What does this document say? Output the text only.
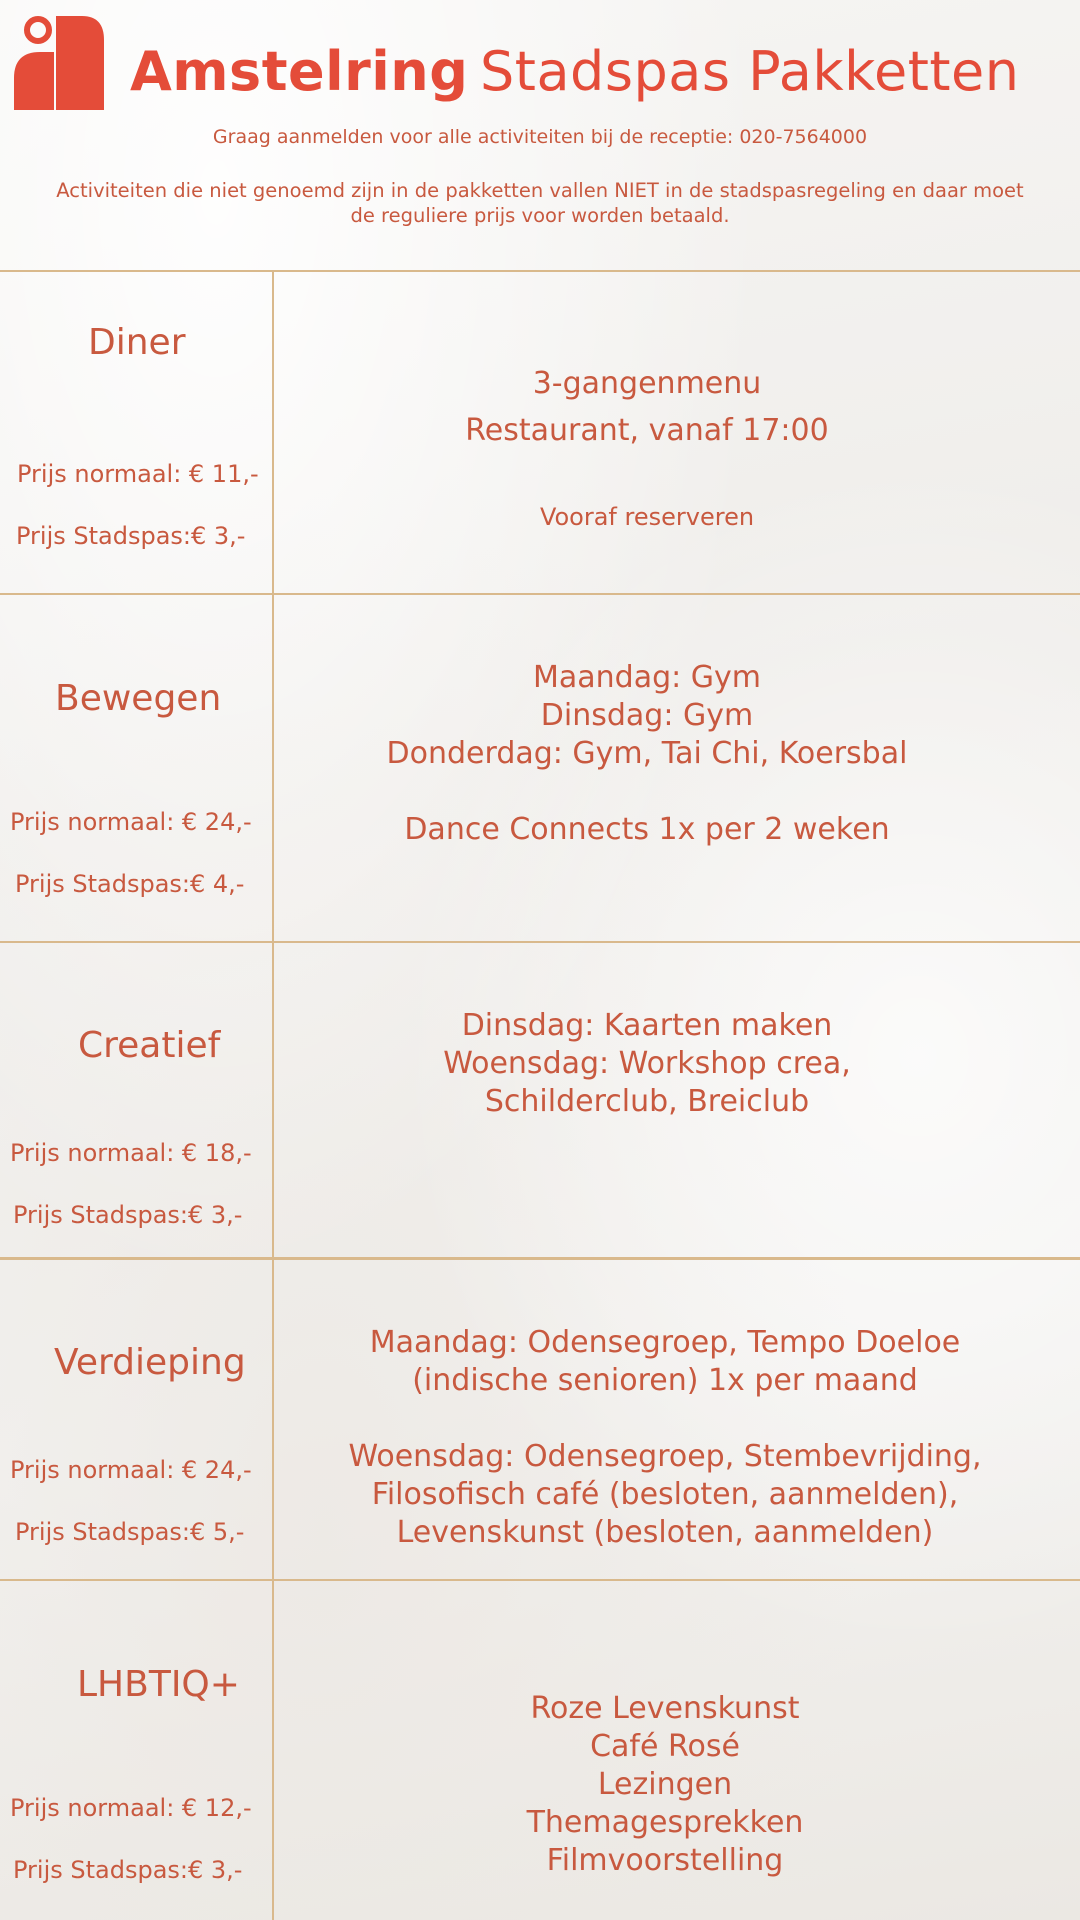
Amstelring Stadspas Pakketten
Graag aanmelden voor alle activiteiten bij de receptie: 020-7564000
Activiteiten die niet genoemd zijn in de pakketten vallen NIET in de stadspasregeling en daar moet
de reguliere prijs voor worden betaald.
Diner
Prijs normaal: € 11,-
Prijs Stadspas:€ 3,-
3-gangenmenu
Restaurant, vanaf 17:00
Vooraf reserveren
Bewegen
Prijs normaal: € 24,-
Prijs Stadspas:€ 4,-
Maandag: Gym
Dinsdag: Gym
Donderdag: Gym, Tai Chi, Koersbal
Dance Connects 1x per 2 weken
Creatief
Prijs normaal: € 18,-
Prijs Stadspas:€ 3,-
Dinsdag: Kaarten maken
Woensdag: Workshop crea,
Schilderclub, Breiclub
Verdieping
Prijs normaal: € 24,-
Prijs Stadspas:€ 5,-
Maandag: Odensegroep, Tempo Doeloe
(indische senioren) 1x per maand
Woensdag: Odensegroep, Stembevrijding,
Filosofisch café (besloten, aanmelden),
Levenskunst (besloten, aanmelden)
LHBTIQ+
Prijs normaal: € 12,-
Prijs Stadspas:€ 3,-
Roze Levenskunst
Café Rosé
Lezingen
Themagesprekken
Filmvoorstelling
